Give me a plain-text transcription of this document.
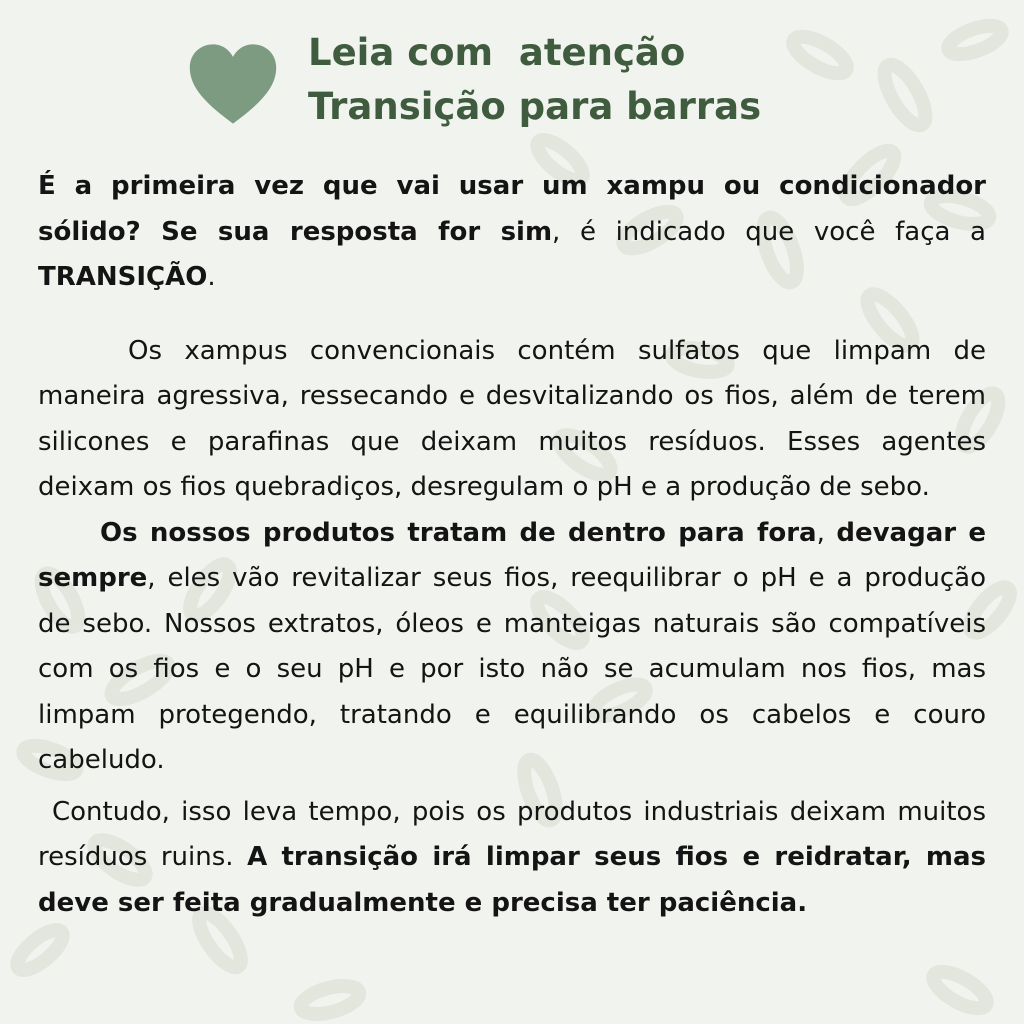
Leia com  atenção
Transição para barras

É a primeira vez que vai usar um xampu ou condicionador sólido? Se sua resposta for sim, é indicado que você faça a TRANSIÇÃO.

Os xampus convencionais contém sulfatos que limpam de maneira agressiva, ressecando e desvitalizando os fios, além de terem silicones e parafinas que deixam muitos resíduos. Esses agentes deixam os fios quebradiços, desregulam o pH e a produção de sebo.

Os nossos produtos tratam de dentro para fora, devagar e sempre, eles vão revitalizar seus fios, reequilibrar o pH e a produção de sebo. Nossos extratos, óleos e manteigas naturais são compatíveis com os fios e o seu pH e por isto não se acumulam nos fios, mas limpam protegendo, tratando e equilibrando os cabelos e couro cabeludo.

Contudo, isso leva tempo, pois os produtos industriais deixam muitos resíduos ruins. A transição irá limpar seus fios e reidratar, mas deve ser feita gradualmente e precisa ter paciência.
